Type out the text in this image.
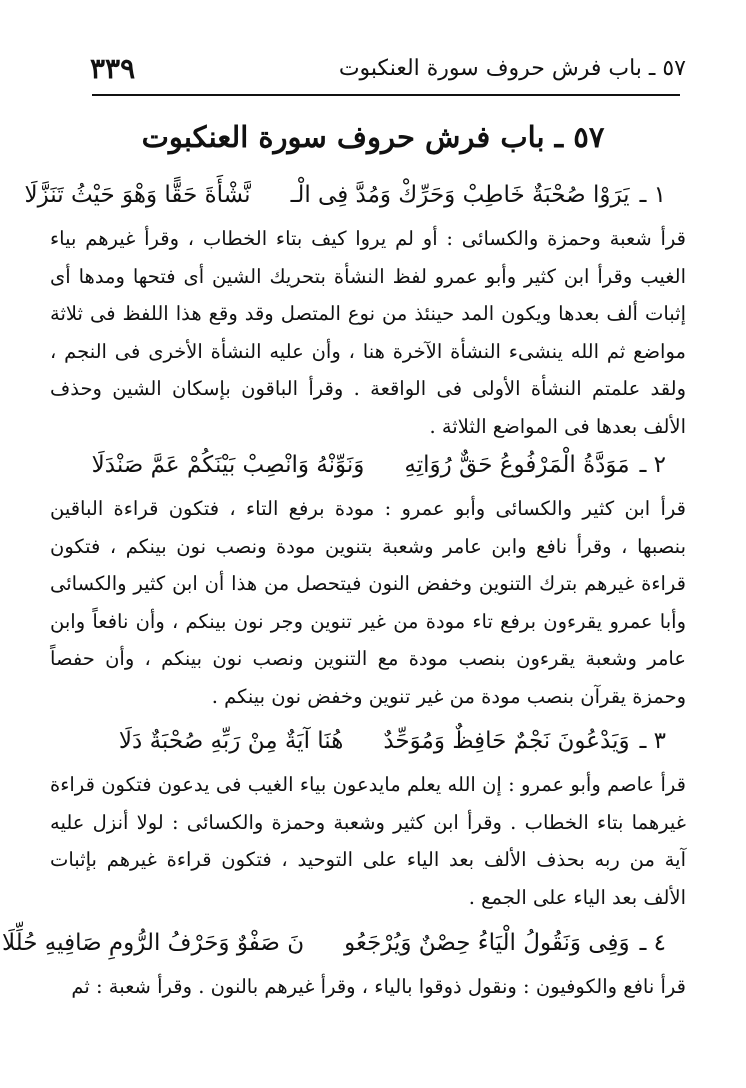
٥٧ ـ باب فرش حروف سورة العنكبوت
٣٣٩
٥٧ ـ باب فرش حروف سورة العنكبوت
١ ـ
يَرَوْا صُحْبَةٌ خَاطِبْ وَحَرِّكْ وَمُدَّ فِى الْـ
نَّشْأَةَ حَقًّا وَهْوَ حَيْثُ تَنَزَّلَا
قرأ شعبة وحمزة والكسائى : أو لم يروا كيف بتاء الخطاب ، وقرأ غيرهم بياء الغيب وقرأ ابن كثير وأبو عمرو لفظ النشأة بتحريك الشين أى فتحها ومدها أى إثبات ألف بعدها ويكون المد حينئذ من نوع المتصل وقد وقع هذا اللفظ فى ثلاثة مواضع ثم الله ينشىء النشأة الآخرة هنا ، وأن عليه النشأة الأخرى فى النجم ، ولقد علمتم النشأة الأولى فى الواقعة . وقرأ الباقون بإسكان الشين وحذف الألف بعدها فى المواضع الثلاثة .
٢ ـ
مَوَدَّةُ الْمَرْفُوعُ حَقٌّ رُوَاتِهِ
وَنَوِّنْهُ وَانْصِبْ بَيْنَكُمْ عَمَّ صَنْدَلَا
قرأ ابن كثير والكسائى وأبو عمرو : مودة برفع التاء ، فتكون قراءة الباقين بنصبها ، وقرأ نافع وابن عامر وشعبة بتنوين مودة ونصب نون بينكم ، فتكون قراءة غيرهم بترك التنوين وخفض النون فيتحصل من هذا أن ابن كثير والكسائى وأبا عمرو يقرءون برفع تاء مودة من غير تنوين وجر نون بينكم ، وأن نافعاً وابن عامر وشعبة يقرءون بنصب مودة مع التنوين ونصب نون بينكم ، وأن حفصاً وحمزة يقرآن بنصب مودة من غير تنوين وخفض نون بينكم .
٣ ـ
وَيَدْعُونَ نَجْمٌ حَافِظٌ وَمُوَحِّدٌ
هُنَا آيَةٌ مِنْ رَبِّهِ صُحْبَةٌ دَلَا
قرأ عاصم وأبو عمرو : إن الله يعلم مايدعون بياء الغيب فى يدعون فتكون قراءة غيرهما بتاء الخطاب . وقرأ ابن كثير وشعبة وحمزة والكسائى : لولا أنزل عليه آية من ربه بحذف الألف بعد الياء على التوحيد ، فتكون قراءة غيرهم بإثبات الألف بعد الياء على الجمع .
٤ ـ
وَفِى وَنَقُولُ الْيَاءُ حِصْنٌ وَيُرْجَعُو
نَ صَفْوٌ وَحَرْفُ الرُّومِ صَافِيهِ حُلِّلَا
قرأ نافع والكوفيون : ونقول ذوقوا بالياء ، وقرأ غيرهم بالنون . وقرأ شعبة : ثم
